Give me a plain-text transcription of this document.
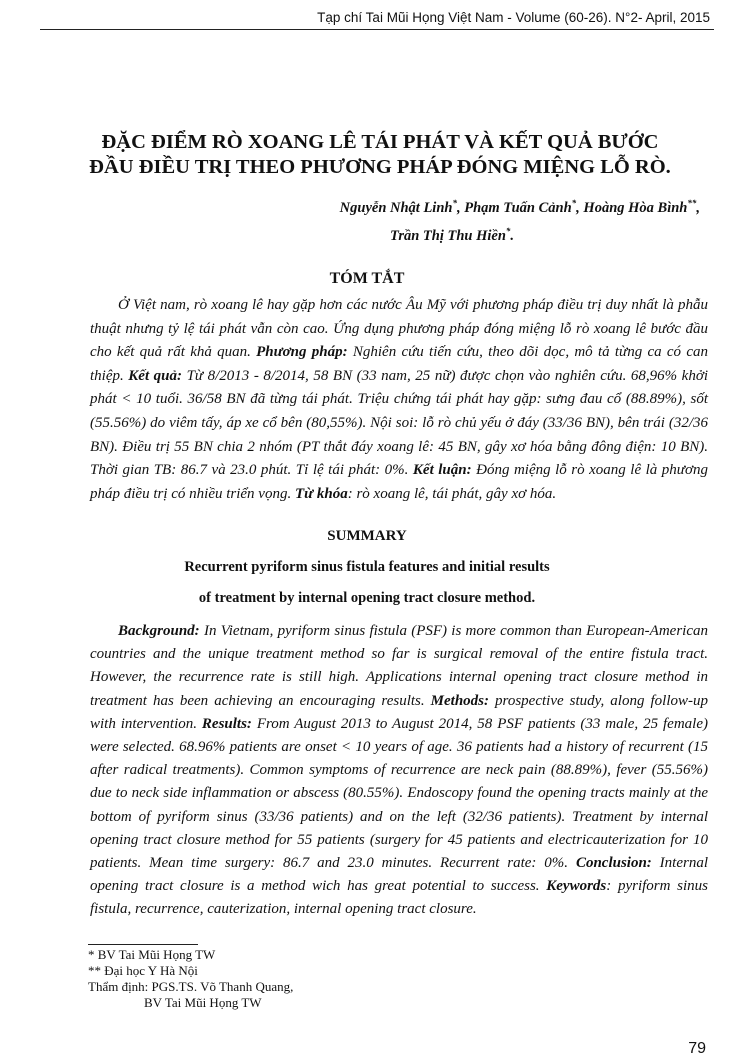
Tạp chí Tai Mũi Họng Việt Nam - Volume (60-26). N°2- April, 2015
ĐẶC ĐIỂM RÒ XOANG LÊ TÁI PHÁT VÀ KẾT QUẢ BƯỚC
ĐẦU ĐIỀU TRỊ THEO PHƯƠNG PHÁP ĐÓNG MIỆNG LỖ RÒ.
Nguyễn Nhật Linh*, Phạm Tuấn Cảnh*, Hoàng Hòa Bình**,
Trần Thị Thu Hiền*.
TÓM TẮT
Ở Việt nam, rò xoang lê hay gặp hơn các nước Âu Mỹ với phương pháp điều trị duy nhất là phẫu thuật nhưng tỷ lệ tái phát vẫn còn cao. Ứng dụng phương pháp đóng miệng lỗ rò xoang lê bước đầu cho kết quả rất khả quan. Phương pháp: Nghiên cứu tiến cứu, theo dõi dọc, mô tả từng ca có can thiệp. Kết quả: Từ 8/2013 - 8/2014, 58 BN (33 nam, 25 nữ) được chọn vào nghiên cứu. 68,96% khởi phát < 10 tuổi. 36/58 BN đã từng tái phát. Triệu chứng tái phát hay gặp: sưng đau cổ (88.89%), sốt (55.56%) do viêm tấy, áp xe cổ bên (80,55%). Nội soi: lỗ rò chủ yếu ở đáy (33/36 BN), bên trái (32/36 BN). Điều trị 55 BN chia 2 nhóm (PT thắt đáy xoang lê: 45 BN, gây xơ hóa bằng đông điện: 10 BN). Thời gian TB: 86.7 và 23.0 phút. Tỉ lệ tái phát: 0%. Kết luận: Đóng miệng lỗ rò xoang lê là phương pháp điều trị có nhiều triển vọng. Từ khóa: rò xoang lê, tái phát, gây xơ hóa.
SUMMARY
Recurrent pyriform sinus fistula features and initial results
of treatment by internal opening tract closure method.
Background: In Vietnam, pyriform sinus fistula (PSF) is more common than European-American countries and the unique treatment method so far is surgical removal of the entire fistula tract. However, the recurrence rate is still high. Applications internal opening tract closure method in treatment has been achieving an encouraging results. Methods: prospective study, along follow-up with intervention. Results: From August 2013 to August 2014, 58 PSF patients (33 male, 25 female) were selected. 68.96% patients are onset < 10 years of age. 36 patients had a history of recurrent (15 after radical treatments). Common symptoms of recurrence are neck pain (88.89%), fever (55.56%) due to neck side inflammation or abscess (80.55%). Endoscopy found the opening tracts mainly at the bottom of pyriform sinus (33/36 patients) and on the left (32/36 patients). Treatment by internal opening tract closure method for 55 patients (surgery for 45 patients and electricauterization for 10 patients. Mean time surgery: 86.7 and 23.0 minutes. Recurrent rate: 0%. Conclusion: Internal opening tract closure is a method wich has great potential to success. Keywords: pyriform sinus fistula, recurrence, cauterization, internal opening tract closure.
* BV Tai Mũi Họng TW
** Đại học Y Hà Nội
Thẩm định: PGS.TS. Võ Thanh Quang,
BV Tai Mũi Họng TW
79
